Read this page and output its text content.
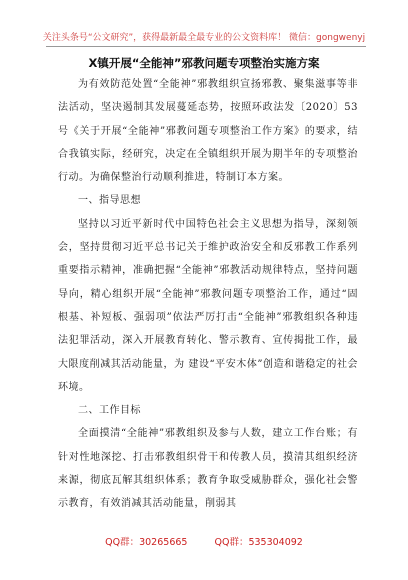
关注头条号“公文研究”，获得最新最全最专业的公文资料库！ 微信：gongwenyj
X镇开展“全能神”邪教问题专项整治实施方案

为有效防范处置“全能神”邪教组织宣扬邪教、聚集滋事等非法活动，坚决遏制其发展蔓延态势，按照环政法发〔2020〕53号《关于开展“全能神”邪教问题专项整治工作方案》的要求，结合我镇实际，经研究，决定在全镇组织开展为期半年的专项整治行动。为确保整治行动顺利推进，特制订本方案。

一、指导思想

坚持以习近平新时代中国特色社会主义思想为指导，深刻领会，坚持贯彻习近平总书记关于维护政治安全和反邪教工作系列重要指示精神，准确把握“全能神”邪教活动规律特点，坚持问题导向，精心组织开展“全能神”邪教问题专项整治工作，通过“固根基、补短板、强弱项”依法严厉打击“全能神”邪教组织各种违法犯罪活动，深入开展教育转化、警示教育、宣传揭批工作，最大限度削减其活动能量，为 建设“平安木体”创造和谐稳定的社会环境。

二、工作目标

全面摸清“全能神”邪教组织及参与人数，建立工作台账；有针对性地深挖、打击邪教组织骨干和传教人员，摸清其组织经济来源，彻底瓦解其组织体系；教育争取受威胁群众，强化社会警示教育，有效消减其活动能量，削弱其

QQ群：30265665	QQ群：535304092
